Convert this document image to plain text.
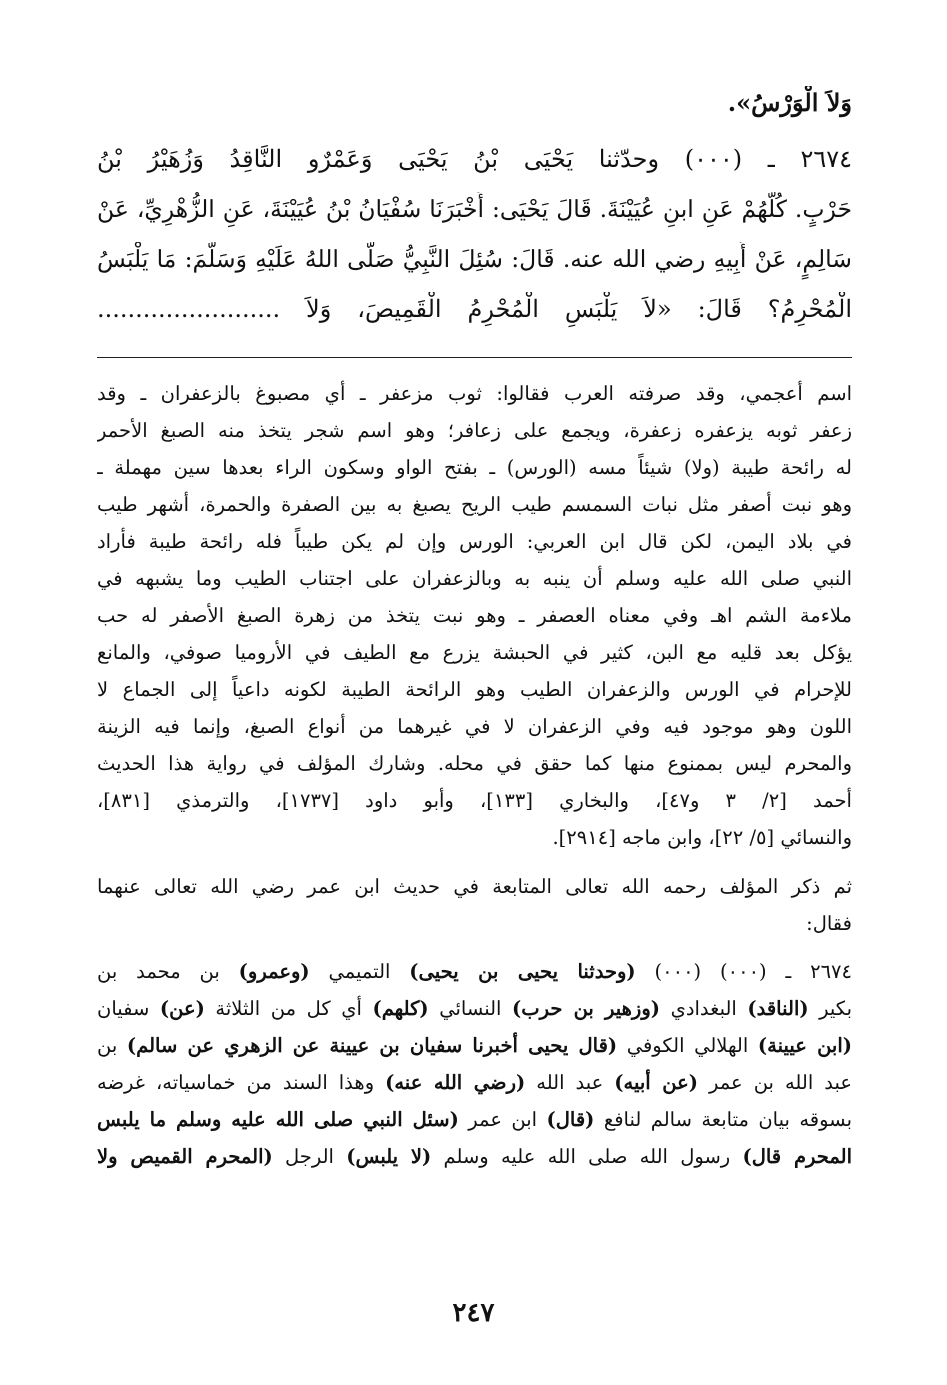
وَلاَ الْوَرْسُ».
٢٦٧٤ ـ (٠٠٠) وحدّثنا يَحْيَى بْنُ يَحْيَى وَعَمْرٌو النَّاقِدُ وَزُهَيْرُ بْنُ
حَرْبٍ. كُلُّهُمْ عَنِ ابنِ عُيَيْنَةَ. قَالَ يَحْيَى: أَخْبَرَنَا سُفْيَانُ بْنُ عُيَيْنَةَ، عَنِ الزُّهْرِيِّ، عَنْ
سَالِمٍ، عَنْ أَبِيهِ رضي الله عنه. قَالَ: سُئِلَ النَّبِيُّ صَلَّى اللهُ عَلَيْهِ وَسَلَّمَ: مَا يَلْبَسُ
الْمُحْرِمُ؟ قَالَ: «لاَ يَلْبَسِ الْمُحْرِمُ الْقَمِيصَ، وَلاَ ........................
اسم أعجمي، وقد صرفته العرب فقالوا: ثوب مزعفر ـ أي مصبوغ بالزعفران ـ وقد
زعفر ثوبه يزعفره زعفرة، ويجمع على زعافر؛ وهو اسم شجر يتخذ منه الصبغ الأحمر
له رائحة طيبة (ولا) شيئاً مسه (الورس) ـ بفتح الواو وسكون الراء بعدها سين مهملة ـ
وهو نبت أصفر مثل نبات السمسم طيب الريح يصبغ به بين الصفرة والحمرة، أشهر طيب
في بلاد اليمن، لكن قال ابن العربي: الورس وإن لم يكن طيباً فله رائحة طيبة فأراد
النبي صلى الله عليه وسلم أن ينبه به وبالزعفران على اجتناب الطيب وما يشبهه في
ملاءمة الشم اهـ وفي معناه العصفر ـ وهو نبت يتخذ من زهرة الصبغ الأصفر له حب
يؤكل بعد قليه مع البن، كثير في الحبشة يزرع مع الطيف في الأروميا صوفي، والمانع
للإحرام في الورس والزعفران الطيب وهو الرائحة الطيبة لكونه داعياً إلى الجماع لا
اللون وهو موجود فيه وفي الزعفران لا في غيرهما من أنواع الصبغ، وإنما فيه الزينة
والمحرم ليس بممنوع منها كما حقق في محله. وشارك المؤلف في رواية هذا الحديث
أحمد [٢/ ٣ و٤٧]، والبخاري [١٣٣]، وأبو داود [١٧٣٧]، والترمذي [٨٣١]،
والنسائي [٥/ ٢٢]، وابن ماجه [٢٩١٤].
ثم ذكر المؤلف رحمه الله تعالى المتابعة في حديث ابن عمر رضي الله تعالى عنهما
فقال:
٢٦٧٤ ـ (٠٠٠) (٠٠٠) (وحدثنا يحيى بن يحيى) التميمي (وعمرو) بن محمد بن
بكير (الناقد) البغدادي (وزهير بن حرب) النسائي (كلهم) أي كل من الثلاثة (عن) سفيان
(ابن عيينة) الهلالي الكوفي (قال يحيى أخبرنا سفيان بن عيينة عن الزهري عن سالم) بن
عبد الله بن عمر (عن أبيه) عبد الله (رضي الله عنه) وهذا السند من خماسياته، غرضه
بسوقه بيان متابعة سالم لنافع (قال) ابن عمر (سئل النبي صلى الله عليه وسلم ما يلبس
المحرم قال) رسول الله صلى الله عليه وسلم (لا يلبس) الرجل (المحرم القميص ولا
٢٤٧
